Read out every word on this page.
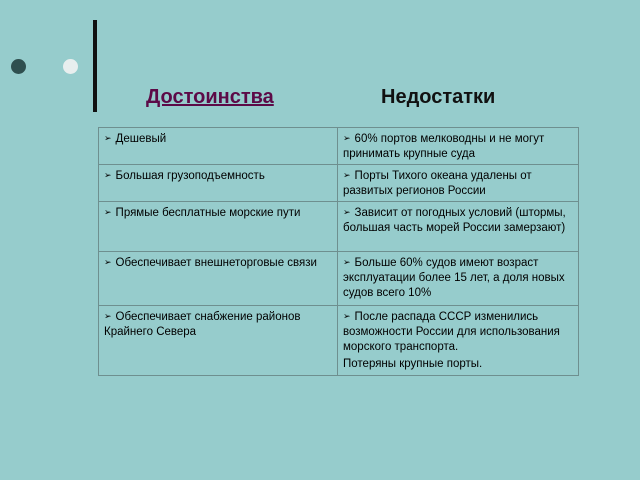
Достоинства	Недостатки
➢ Дешевый	➢ 60% портов мелководны и не могут принимать крупные суда
➢ Большая грузоподъемность	➢ Порты Тихого океана удалены от развитых регионов России
➢ Прямые бесплатные морские пути	➢ Зависит от погодных условий (штормы, большая часть морей России замерзают)
➢ Обеспечивает внешнеторговые связи	➢ Больше 60% судов имеют возраст эксплуатации более 15 лет, а доля новых судов всего 10%
➢ Обеспечивает снабжение районов Крайнего Севера	➢ После распада СССР изменились возможности России для использования морского транспорта.
Потеряны крупные порты.
